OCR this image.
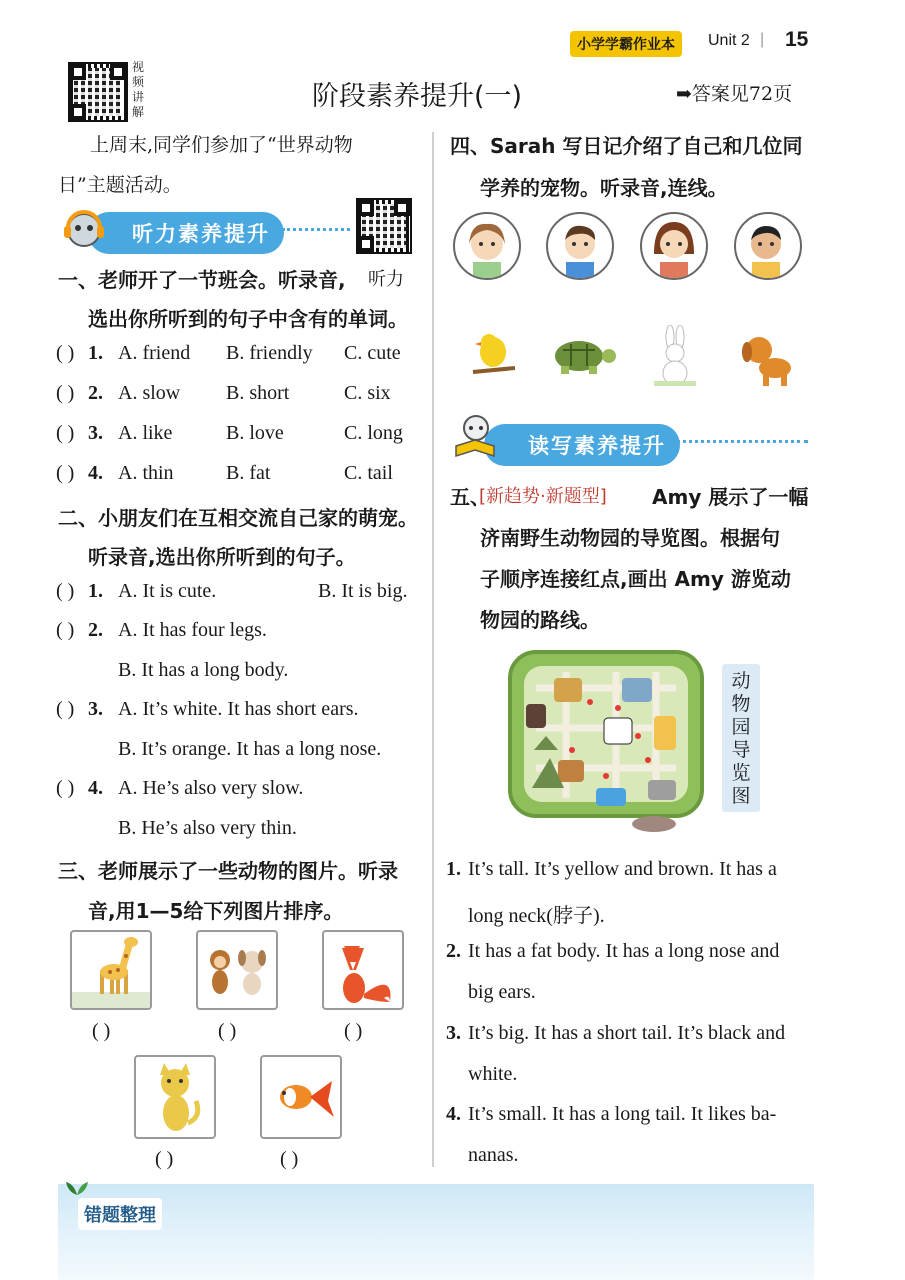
小学学霸作业本	Unit 2 | 15
视
频
讲
解	阶段素养提升(一)	➡答案见72页
上周末,同学们参加了“世界动物
日”主题活动。
听力素养提升
一、老师开了一节班会。听录音, 听力
选出你所听到的句子中含有的单词。
( ) 1. A. friend B. friendly C. cute
( ) 2. A. slow B. short	C. six
( ) 3. A. like	B. love	C. long
( ) 4. A. thin	B. fat	C. tail
二、小朋友们在互相交流自己家的萌宠。
听录音,选出你所听到的句子。
( ) 1. A. It is cute.	B. It is big.
( ) 2. A. It has four legs.
B. It has a long body.
( ) 3. A. It’s white. It has short ears.
B. It’s orange. It has a long nose.
( ) 4. A. He’s also very slow.
B. He’s also very thin.
三、老师展示了一些动物的图片。听录
音,用1—5给下列图片排序。
( )	( )	( )
( )	( )
四、Sarah 写日记介绍了自己和几位同
学养的宠物。听录音,连线。
读写素养提升
五、
[新趋势·新题型] Amy 展示了一幅
济南野生动物园的导览图。根据句
子顺序连接红点,画出 Amy 游览动
物园的路线。
动物园导览图
1. It’s tall. It’s yellow and brown. It has a
long neck(脖子).
2. It has a fat body. It has a long nose and
big ears.
3. It’s big. It has a short tail. It’s black and
white.
4. It’s small. It has a long tail. It likes ba-
nanas.
错题整理
